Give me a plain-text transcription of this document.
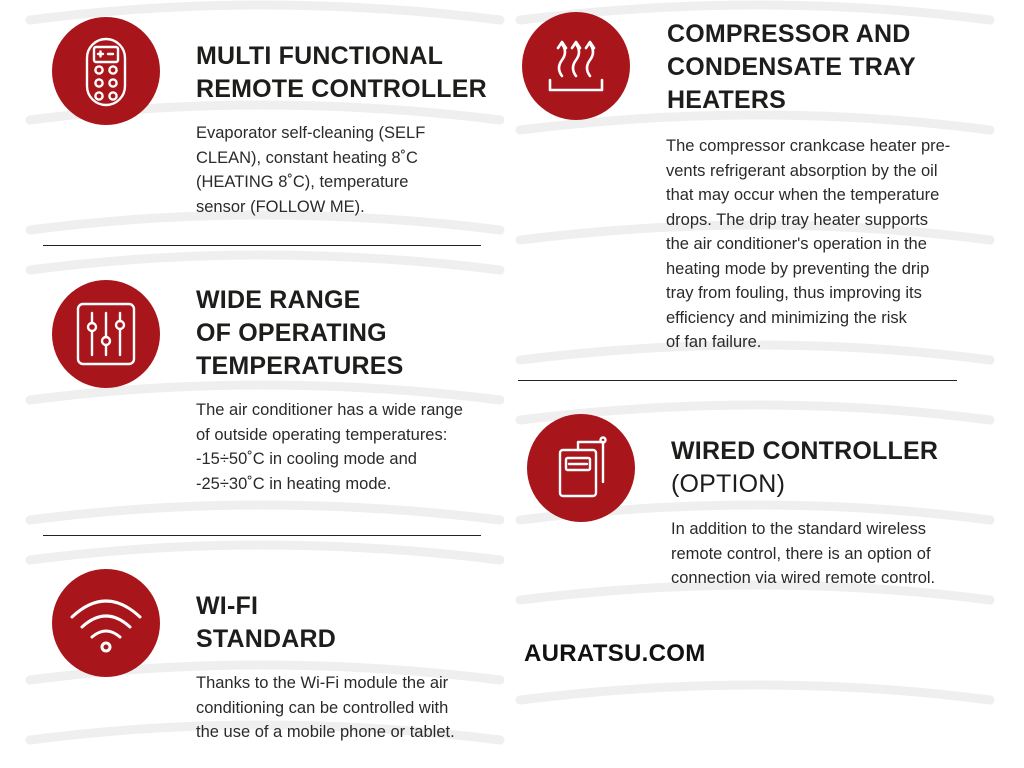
MULTI FUNCTIONAL
REMOTE CONTROLLER

Evaporator self-cleaning (SELF
CLEAN), constant heating 8˚C
(HEATING 8˚C), temperature
sensor (FOLLOW ME).

WIDE RANGE
OF OPERATING
TEMPERATURES

The air conditioner has a wide range
of outside operating temperatures:
-15÷50˚C in cooling mode and
-25÷30˚C in heating mode.

WI-FI
STANDARD

Thanks to the Wi-Fi module the air
conditioning can be controlled with
the use of a mobile phone or tablet.

COMPRESSOR AND
CONDENSATE TRAY
HEATERS

The compressor crankcase heater pre-
vents refrigerant absorption by the oil
that may occur when the temperature
drops. The drip tray heater supports
the air conditioner's operation in the
heating mode by preventing the drip
tray from fouling, thus improving its
efficiency and minimizing the risk
of fan failure.

WIRED CONTROLLER
(OPTION)

In addition to the standard wireless
remote control, there is an option of
connection via wired remote control.

AURATSU.COM
